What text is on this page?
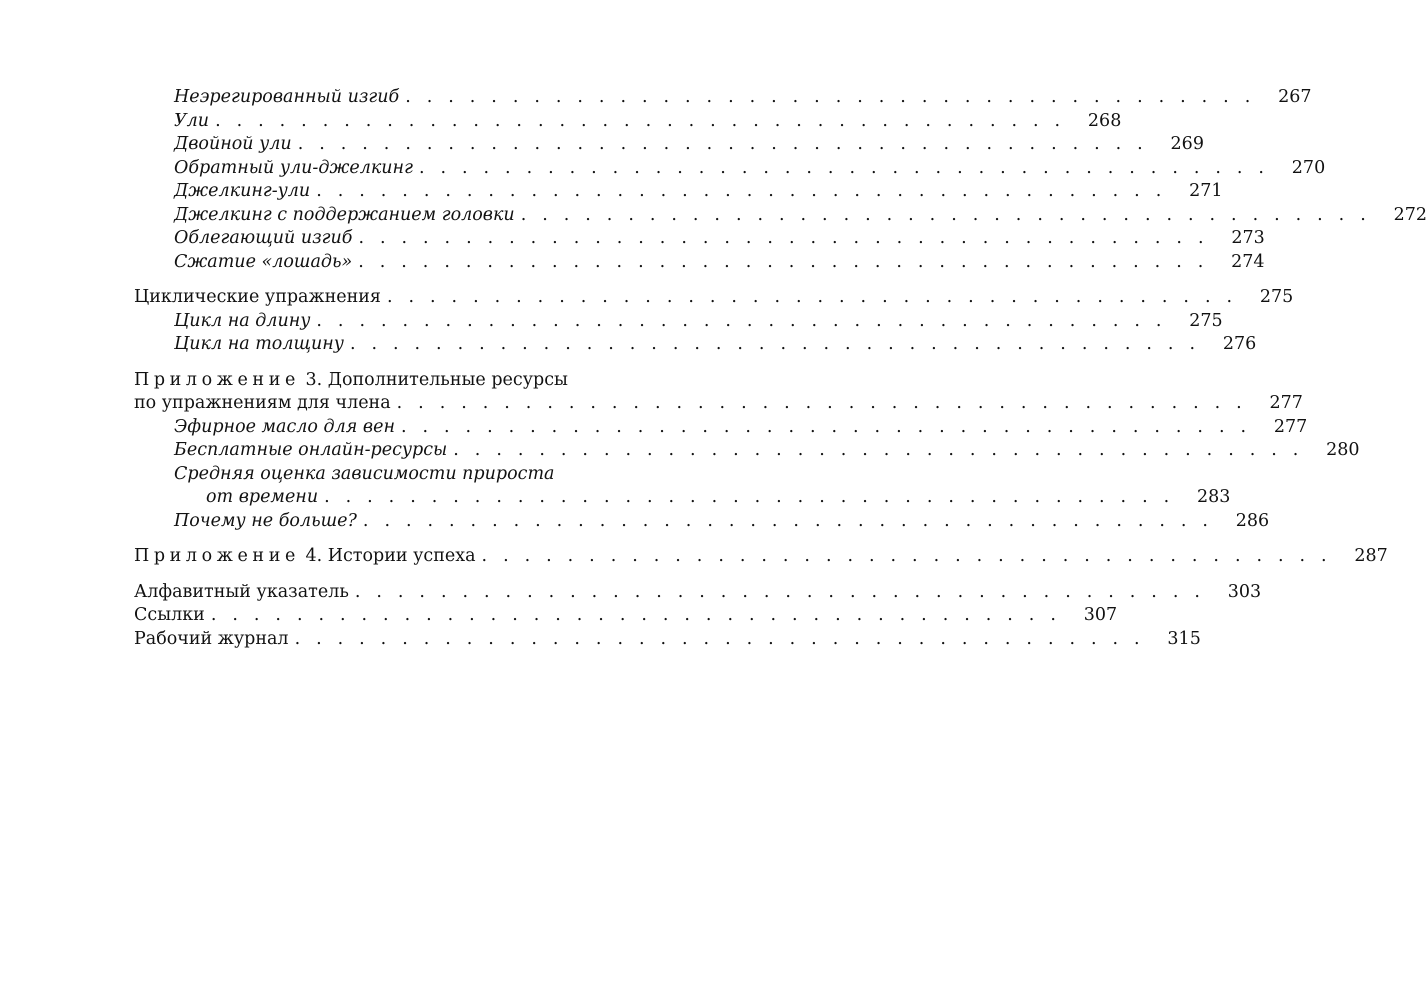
Неэрегированный изгиб . . . . . . . . . . . . . . . . . . . . . . . . . . . . . . . . . . . . . . . .	267
Ули . . . . . . . . . . . . . . . . . . . . . . . . . . . . . . . . . . . . . . . .	268
Двойной ули . . . . . . . . . . . . . . . . . . . . . . . . . . . . . . . . . . . . . . . .	269
Обратный ули-джелкинг . . . . . . . . . . . . . . . . . . . . . . . . . . . . . . . . . . . . . . . .	270
Джелкинг-ули . . . . . . . . . . . . . . . . . . . . . . . . . . . . . . . . . . . . . . . .	271
Джелкинг с поддержанием головки . . . . . . . . . . . . . . . . . . . . . . . . . . . . . . . . . . . . . . . .	272
Облегающий изгиб . . . . . . . . . . . . . . . . . . . . . . . . . . . . . . . . . . . . . . . .	273
Сжатие «лошадь» . . . . . . . . . . . . . . . . . . . . . . . . . . . . . . . . . . . . . . . .	274
Циклические упражнения . . . . . . . . . . . . . . . . . . . . . . . . . . . . . . . . . . . . . . . .	275
Цикл на длину . . . . . . . . . . . . . . . . . . . . . . . . . . . . . . . . . . . . . . . .	275
Цикл на толщину . . . . . . . . . . . . . . . . . . . . . . . . . . . . . . . . . . . . . . . .	276
Приложение 3. Дополнительные ресурсы
по упражнениям для члена . . . . . . . . . . . . . . . . . . . . . . . . . . . . . . . . . . . . . . . .	277
Эфирное масло для вен . . . . . . . . . . . . . . . . . . . . . . . . . . . . . . . . . . . . . . . .	277
Бесплатные онлайн-ресурсы . . . . . . . . . . . . . . . . . . . . . . . . . . . . . . . . . . . . . . . .	280
Средняя оценка зависимости прироста
от времени . . . . . . . . . . . . . . . . . . . . . . . . . . . . . . . . . . . . . . . .	283
Почему не больше? . . . . . . . . . . . . . . . . . . . . . . . . . . . . . . . . . . . . . . . .	286
Приложение 4. Истории успеха . . . . . . . . . . . . . . . . . . . . . . . . . . . . . . . . . . . . . . . .	287
Алфавитный указатель . . . . . . . . . . . . . . . . . . . . . . . . . . . . . . . . . . . . . . . .	303
Ссылки . . . . . . . . . . . . . . . . . . . . . . . . . . . . . . . . . . . . . . . .	307
Рабочий журнал . . . . . . . . . . . . . . . . . . . . . . . . . . . . . . . . . . . . . . . .	315
